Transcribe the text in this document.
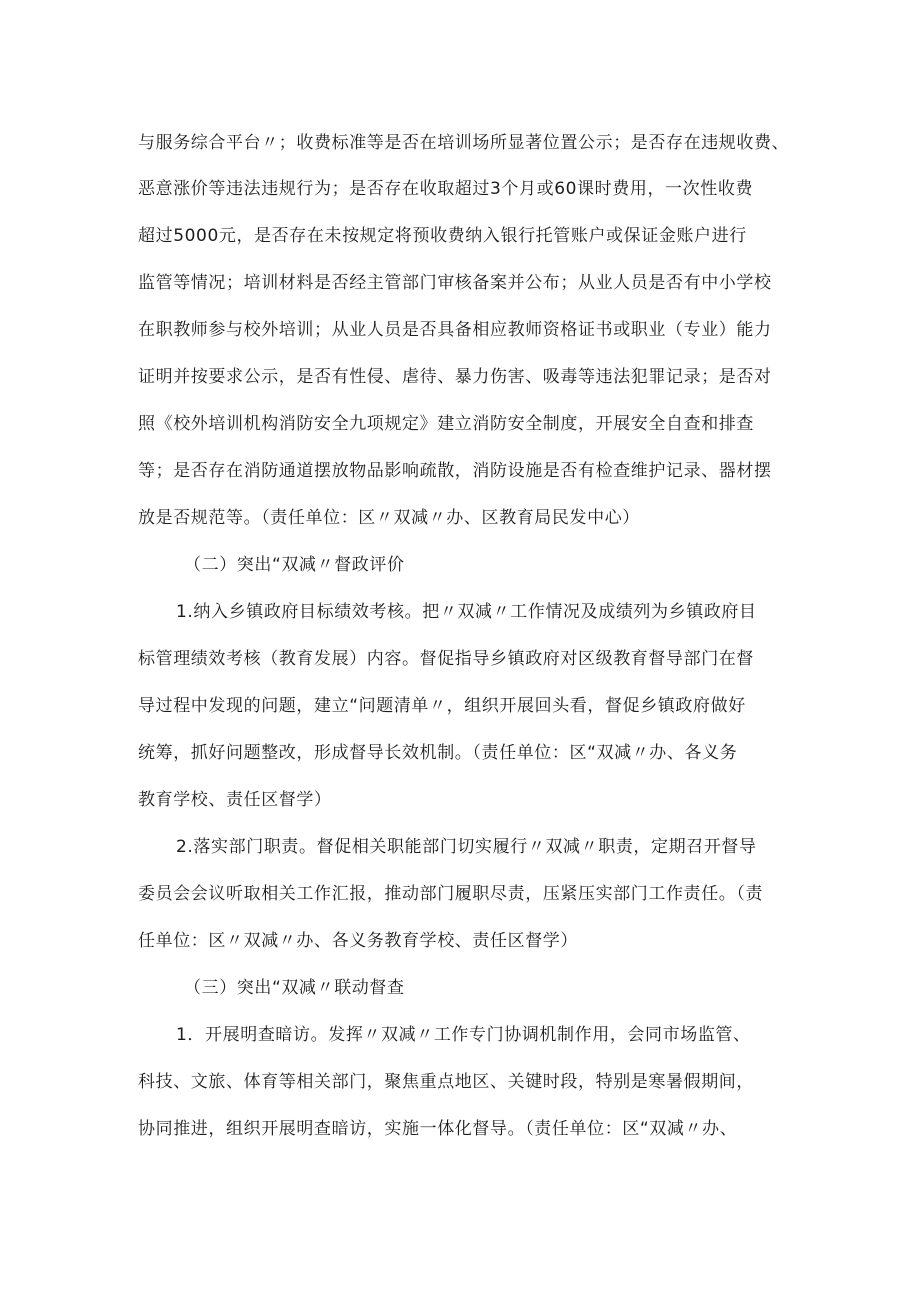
与服务综合平台〃；收费标准等是否在培训场所显著位置公示；是否存在违规收费、
恶意涨价等违法违规行为；是否存在收取超过3个月或60课时费用，一次性收费
超过5000元，是否存在未按规定将预收费纳入银行托管账户或保证金账户进行
监管等情况；培训材料是否经主管部门审核备案并公布；从业人员是否有中小学校
在职教师参与校外培训；从业人员是否具备相应教师资格证书或职业（专业）能力
证明并按要求公示，是否有性侵、虐待、暴力伤害、吸毒等违法犯罪记录；是否对
照《校外培训机构消防安全九项规定》建立消防安全制度，开展安全自查和排查
等；是否存在消防通道摆放物品影响疏散，消防设施是否有检查维护记录、器材摆
放是否规范等。（责任单位：区〃双减〃办、区教育局民发中心）
（二）突出“双减〃督政评价
1.纳入乡镇政府目标绩效考核。把〃双减〃工作情况及成绩列为乡镇政府目
标管理绩效考核（教育发展）内容。督促指导乡镇政府对区级教育督导部门在督
导过程中发现的问题，建立“问题清单〃，组织开展回头看，督促乡镇政府做好
统筹，抓好问题整改，形成督导长效机制。（责任单位：区“双减〃办、各义务
教育学校、责任区督学）
2.落实部门职责。督促相关职能部门切实履行〃双减〃职责，定期召开督导
委员会会议听取相关工作汇报，推动部门履职尽责，压紧压实部门工作责任。（责
任单位：区〃双减〃办、各义务教育学校、责任区督学）
（三）突出“双减〃联动督查
1．开展明查暗访。发挥〃双减〃工作专门协调机制作用，会同市场监管、
科技、文旅、体育等相关部门，聚焦重点地区、关键时段，特别是寒暑假期间，
协同推进，组织开展明查暗访，实施一体化督导。（责任单位：区“双减〃办、
